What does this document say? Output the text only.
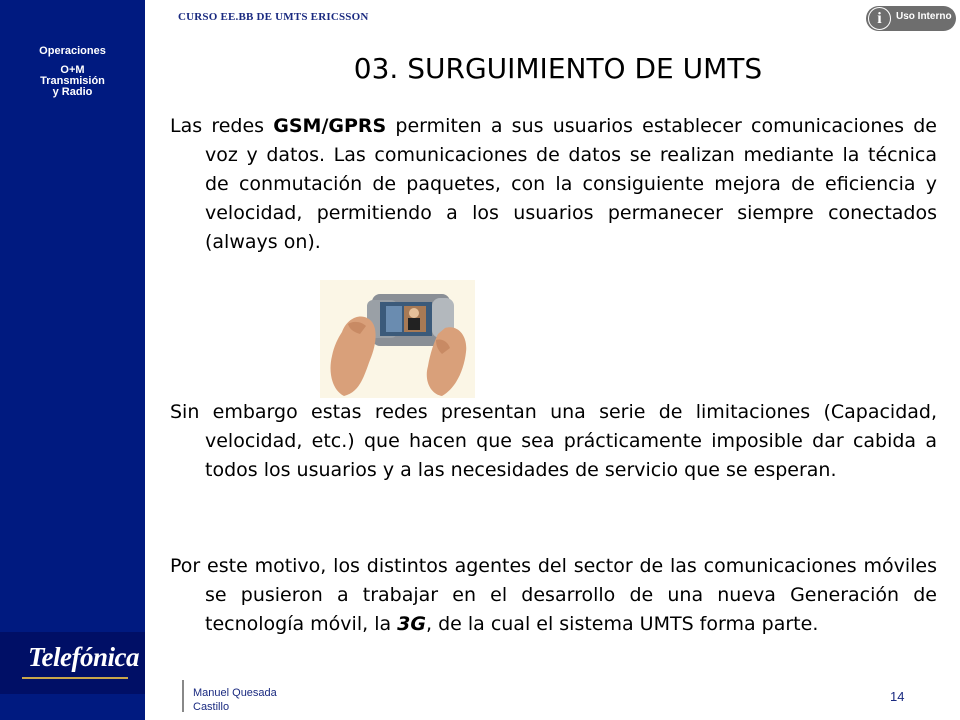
Operaciones
O+M
Transmisión
y Radio
Telefónica
CURSO EE.BB DE UMTS ERICSSON	i	Uso Interno
03. SURGUIMIENTO DE UMTS

Las redes GSM/GPRS permiten a sus usuarios establecer comunicaciones de voz y datos. Las comunicaciones de datos se realizan mediante la técnica de conmutación de paquetes, con la consiguiente mejora de eficiencia y velocidad, permitiendo a los usuarios permanecer siempre conectados (always on).

Sin embargo estas redes presentan una serie de limitaciones (Capacidad, velocidad, etc.) que hacen que sea prácticamente imposible dar cabida a todos los usuarios y a las necesidades de servicio que se esperan.

Por este motivo, los distintos agentes del sector de las comunicaciones móviles se pusieron a trabajar en el desarrollo de una nueva Generación de tecnología móvil, la 3G, de la cual el sistema UMTS forma parte.

Manuel Quesada
Castillo
14
